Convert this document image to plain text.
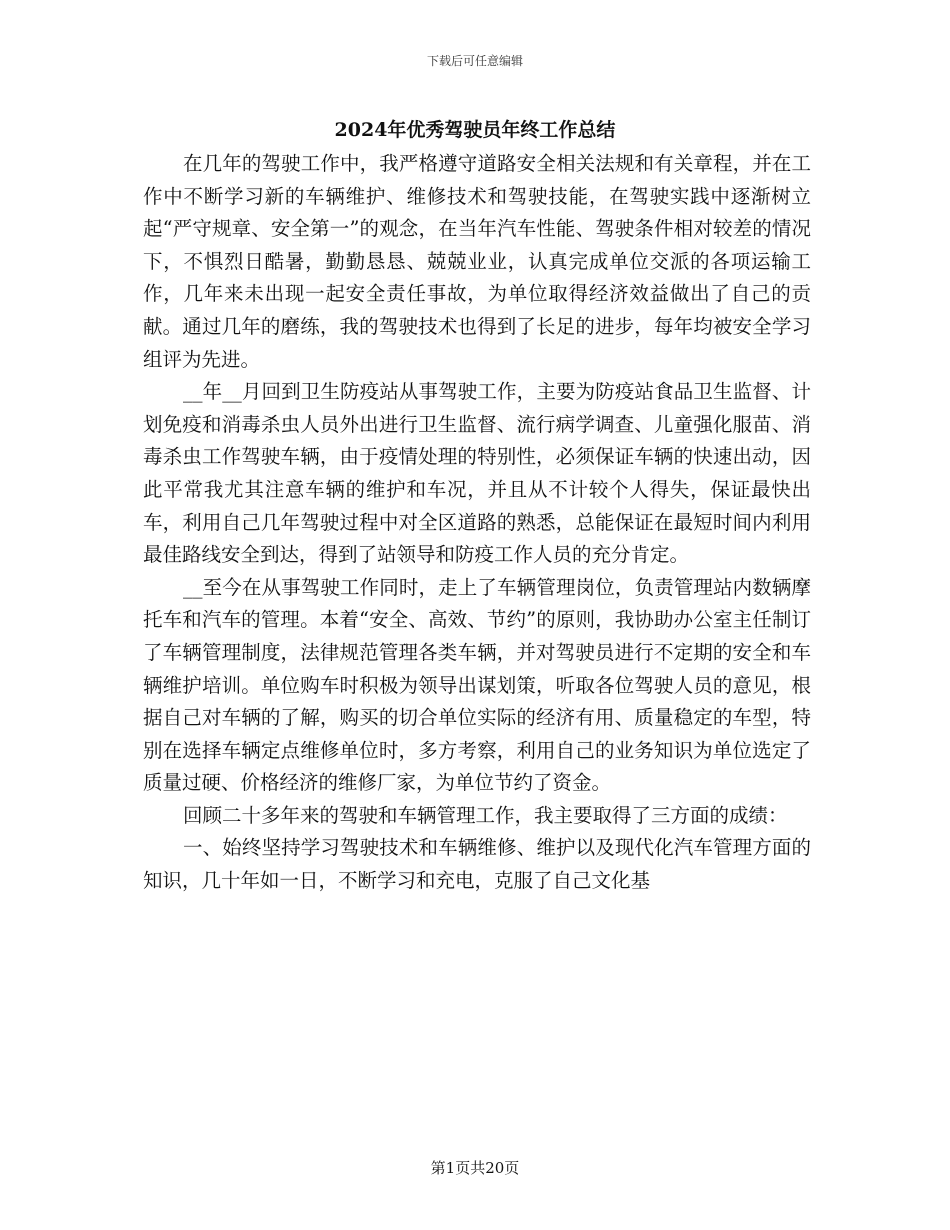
下载后可任意编辑
2024年优秀驾驶员年终工作总结

在几年的驾驶工作中，我严格遵守道路安全相关法规和有关章程，并在工作中不断学习新的车辆维护、维修技术和驾驶技能，在驾驶实践中逐渐树立起“严守规章、安全第一”的观念，在当年汽车性能、驾驶条件相对较差的情况下，不惧烈日酷暑，勤勤恳恳、兢兢业业，认真完成单位交派的各项运输工作，几年来未出现一起安全责任事故，为单位取得经济效益做出了自己的贡献。通过几年的磨练，我的驾驶技术也得到了长足的进步，每年均被安全学习组评为先进。

__年__月回到卫生防疫站从事驾驶工作，主要为防疫站食品卫生监督、计划免疫和消毒杀虫人员外出进行卫生监督、流行病学调查、儿童强化服苗、消毒杀虫工作驾驶车辆，由于疫情处理的特别性，必须保证车辆的快速出动，因此平常我尤其注意车辆的维护和车况，并且从不计较个人得失，保证最快出车，利用自己几年驾驶过程中对全区道路的熟悉，总能保证在最短时间内利用最佳路线安全到达，得到了站领导和防疫工作人员的充分肯定。

__至今在从事驾驶工作同时，走上了车辆管理岗位，负责管理站内数辆摩托车和汽车的管理。本着“安全、高效、节约”的原则，我协助办公室主任制订了车辆管理制度，法律规范管理各类车辆，并对驾驶员进行不定期的安全和车辆维护培训。单位购车时积极为领导出谋划策，听取各位驾驶人员的意见，根据自己对车辆的了解，购买的切合单位实际的经济有用、质量稳定的车型，特别在选择车辆定点维修单位时，多方考察，利用自己的业务知识为单位选定了质量过硬、价格经济的维修厂家，为单位节约了资金。

回顾二十多年来的驾驶和车辆管理工作，我主要取得了三方面的成绩：

一、始终坚持学习驾驶技术和车辆维修、维护以及现代化汽车管理方面的知识，几十年如一日，不断学习和充电，克服了自己文化基

第1页共20页
